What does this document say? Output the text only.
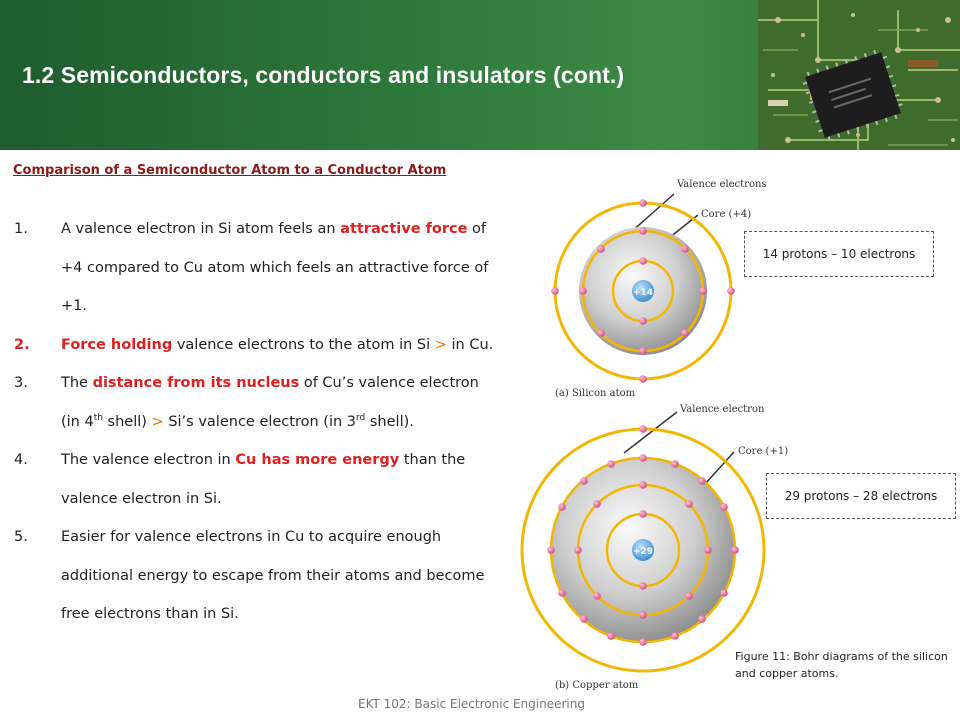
1.2 Semiconductors, conductors and insulators (cont.)
Comparison of a Semiconductor Atom to a Conductor Atom
1.	A valence electron in Si atom feels an attractive force of +4 compared to Cu atom which feels an attractive force of +1.
2.	Force holding valence electrons to the atom in Si > in Cu.
3.	The distance from its nucleus of Cu’s valence electron (in 4th shell) > Si’s valence electron (in 3rd shell).
4.	The valence electron in Cu has more energy than the valence electron in Si.
5.	Easier for valence electrons in Cu to acquire enough additional energy to escape from their atoms and become free electrons than in Si.
Valence electrons
Core (+4)
+14
(a) Silicon atom
Valence electron
Core (+1)
+29
(b) Copper atom
14 protons – 10 electrons
29 protons – 28 electrons
Figure 11: Bohr diagrams of the silicon and copper atoms.
EKT 102: Basic Electronic Engineering
